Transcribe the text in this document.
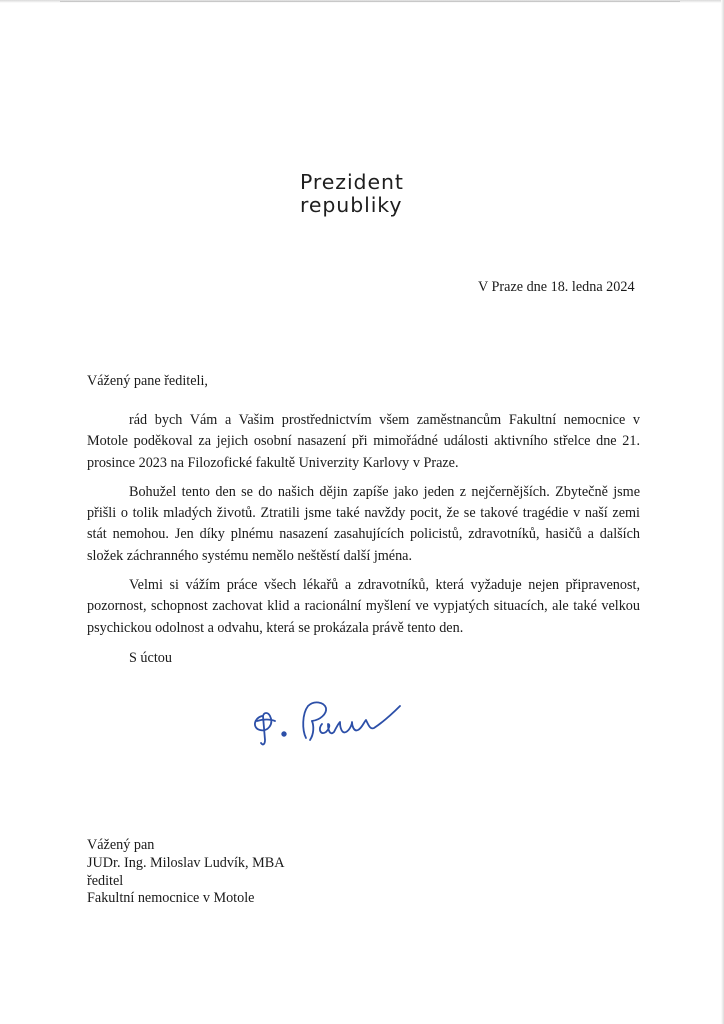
Prezident
republiky
V Praze dne 18. ledna 2024
Vážený pane řediteli,

rád bych Vám a Vašim prostřednictvím všem zaměstnancům Fakultní nemocnice v Motole poděkoval za jejich osobní nasazení při mimořádné události aktivního střelce dne 21. prosince 2023 na Filozofické fakultě Univerzity Karlovy v Praze.

Bohužel tento den se do našich dějin zapíše jako jeden z nejčernějších. Zbytečně jsme přišli o tolik mladých životů. Ztratili jsme také navždy pocit, že se takové tragédie v naší zemi stát nemohou. Jen díky plnému nasazení zasahujících policistů, zdravotníků, hasičů a dalších složek záchranného systému nemělo neštěstí další jména.

Velmi si vážím práce všech lékařů a zdravotníků, která vyžaduje nejen připravenost, pozornost, schopnost zachovat klid a racionální myšlení ve vypjatých situacích, ale také velkou psychickou odolnost a odvahu, která se prokázala právě tento den.

S úctou
Vážený pan
JUDr. Ing. Miloslav Ludvík, MBA
ředitel
Fakultní nemocnice v Motole
